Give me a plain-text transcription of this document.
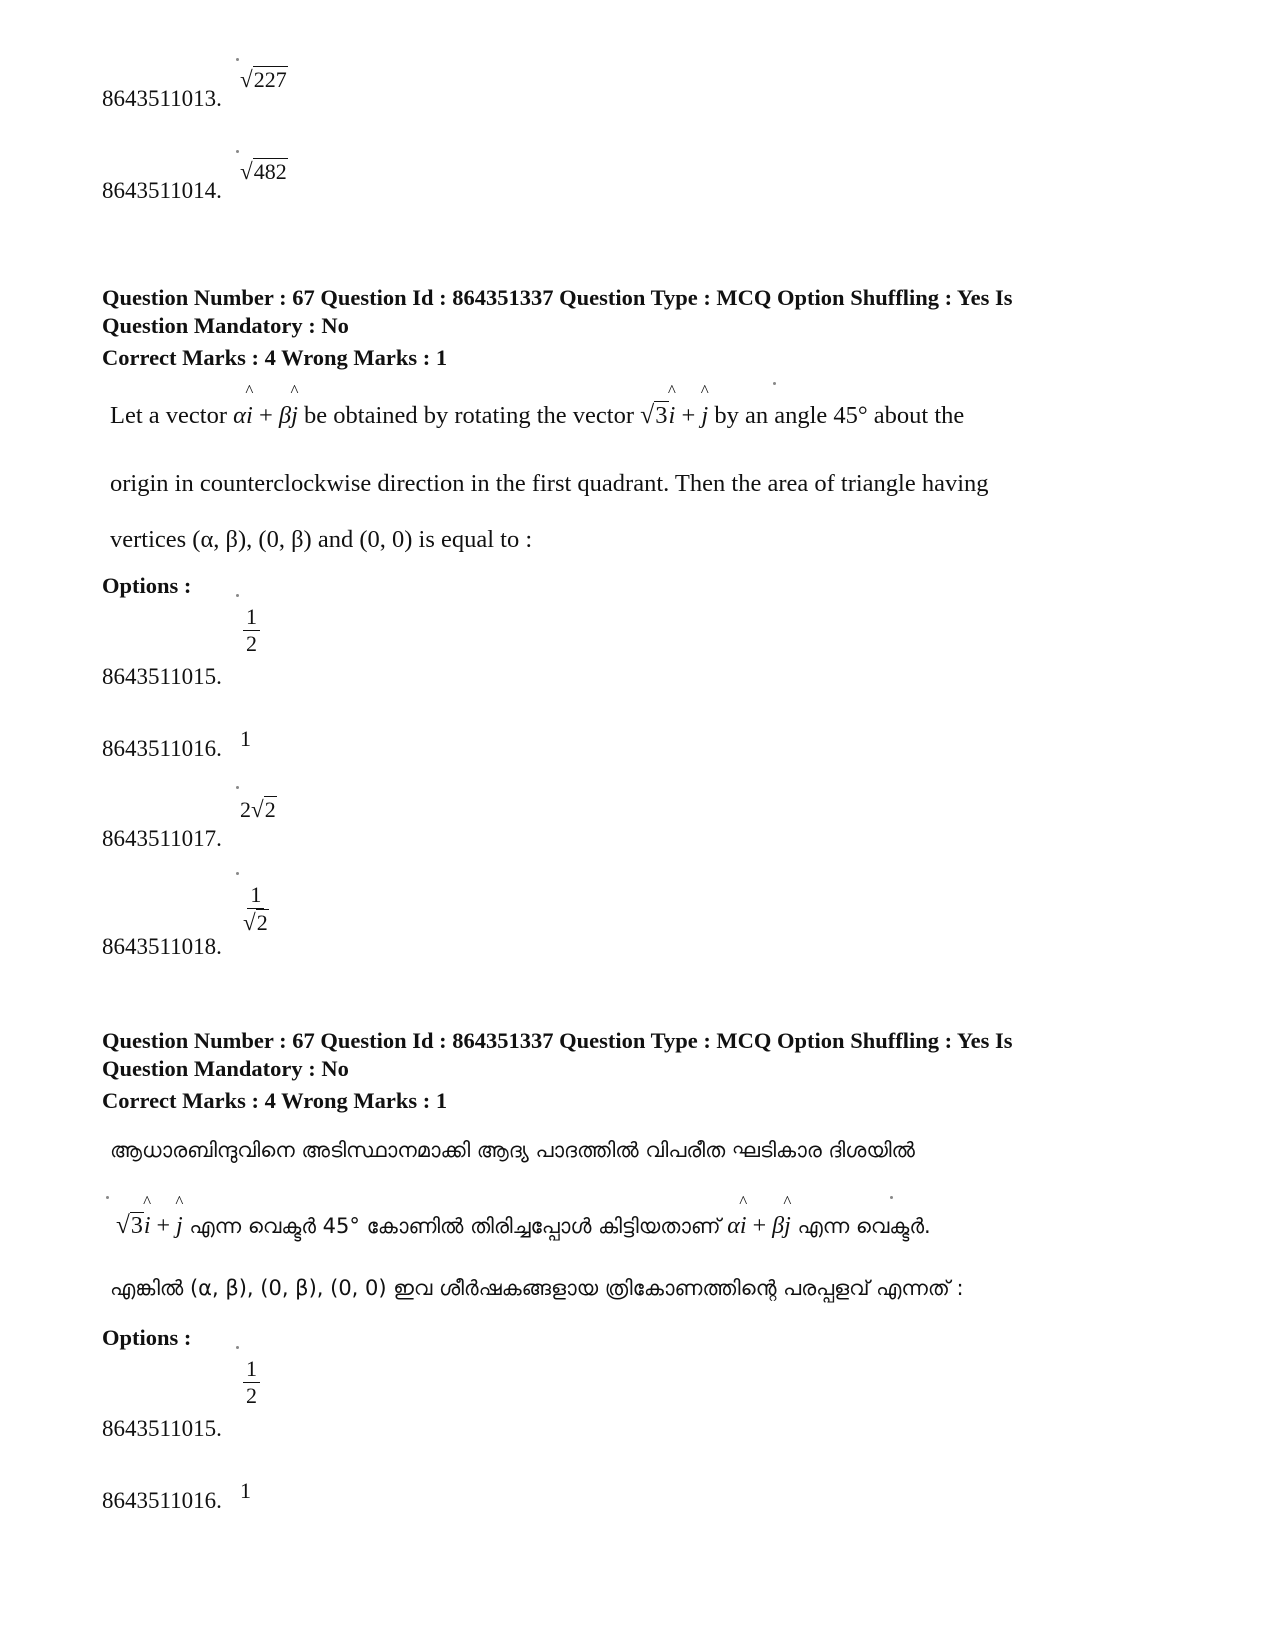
8643511013.
√227
8643511014.
√482
Question Number : 67 Question Id : 864351337 Question Type : MCQ Option Shuffling : Yes Is
Question Mandatory : No
Correct Marks : 4 Wrong Marks : 1
Let a vector α^ i + β^ j be obtained by rotating the vector √3^ i + ^ j by an angle 45° about the
origin in counterclockwise direction in the first quadrant. Then the area of triangle having
vertices (α, β), (0, β) and (0, 0) is equal to :
Options :
$\frac{1}{2}$
8643511015.
8643511016. 1
8643511017.
2√2
$\frac{1}{√2}$
8643511018.
Question Number : 67 Question Id : 864351337 Question Type : MCQ Option Shuffling : Yes Is
Question Mandatory : No
Correct Marks : 4 Wrong Marks : 1
ആധാരബിന്ദുവിനെ അടിസ്ഥാനമാക്കി ആദ്യ പാദത്തിൽ വിപരീത ഘടികാര ദിശയിൽ
√3^ i + ^ j എന്ന വെക്ടർ 45° കോണിൽ തിരിച്ചപ്പോൾ കിട്ടിയതാണ് α^ i + β^ j എന്ന വെക്ടർ.
എങ്കിൽ (α, β), (0, β), (0, 0) ഇവ ശീർഷകങ്ങളായ ത്രികോണത്തിന്റെ പരപ്പളവ് എന്നത് :
Options :
$\frac{1}{2}$
8643511015.
8643511016. 1
